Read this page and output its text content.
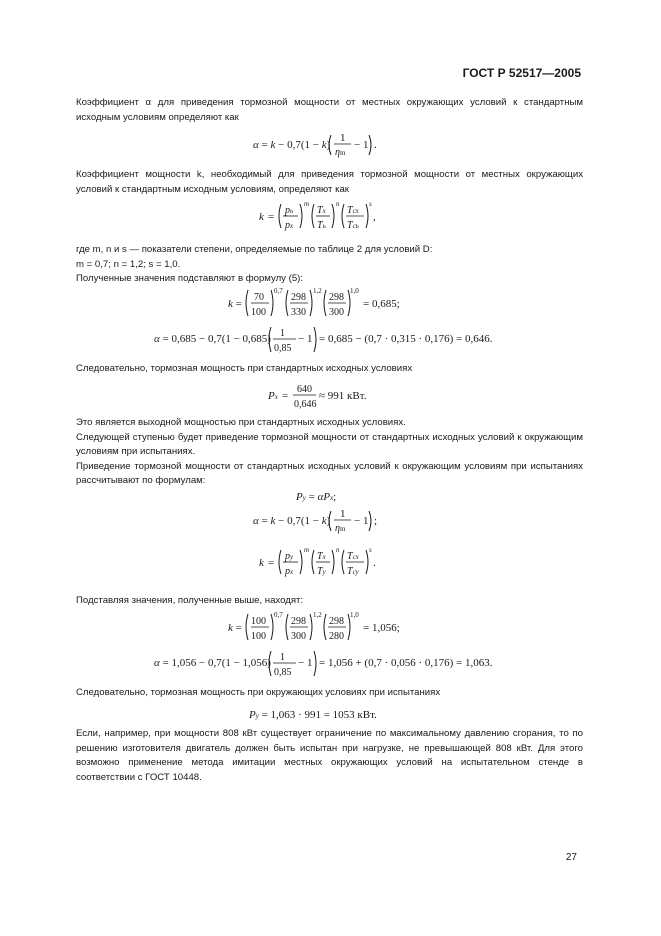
ГОСТ Р 52517—2005
Коэффициент α для приведения тормозной мощности от местных окружающих условий к стандартным исходным условиям определяют как
α = k − 0,7(1 − k)
1
ηm
− 1 .
Коэффициент мощности k, необходимый для приведения тормозной мощности от местных окружающих условий к стандартным исходным условиям, определяют как
k =
pь
pх
m
Tх
Tь
n
Tсх
Tсь
s
,
где m, n и s — показатели степени, определяемые по таблице 2 для условий D:
m = 0,7; n = 1,2; s = 1,0.
Полученные значения подставляют в формулу (5):
k =
70
100
0,7
298
330
1,2
298
300
1,0
= 0,685;
α = 0,685 − 0,7(1 − 0,685) 1
0,85
− 1 = 0,685 − (0,7 · 0,315 · 0,176) = 0,646.
Следовательно, тормозная мощность при стандартных исходных условиях
Pх =
640
0,646
≈ 991 кВт.
Это является выходной мощностью при стандартных исходных условиях.
Следующей ступенью будет приведение тормозной мощности от стандартных исходных условий к окружающим условиям при испытаниях.
Приведение тормозной мощности от стандартных исходных условий к окружающим условиям при испытаниях рассчитывают по формулам:
Py = αPх;
α = k − 0,7(1 − k)
1
ηm
− 1 ;
k =
py
pх
m
Tх
Ty
n
Tсх
Tсy
s
.
Подставляя значения, полученные выше, находят:
k =
100
100
0,7
298
300
1,2
298
280
1,0
= 1,056;
α = 1,056 − 0,7(1 − 1,056) 1
0,85
− 1 = 1,056 + (0,7 · 0,056 · 0,176) = 1,063.
Следовательно, тормозная мощность при окружающих условиях при испытаниях
Py = 1,063 · 991 = 1053 кВт.
Если, например, при мощности 808 кВт существует ограничение по максимальному давлению сгорания, то по решению изготовителя двигатель должен быть испытан при нагрузке, не превышающей 808 кВт. Для этого возможно применение метода имитации местных окружающих условий на испытательном стенде в соответствии с ГОСТ 10448.
27
